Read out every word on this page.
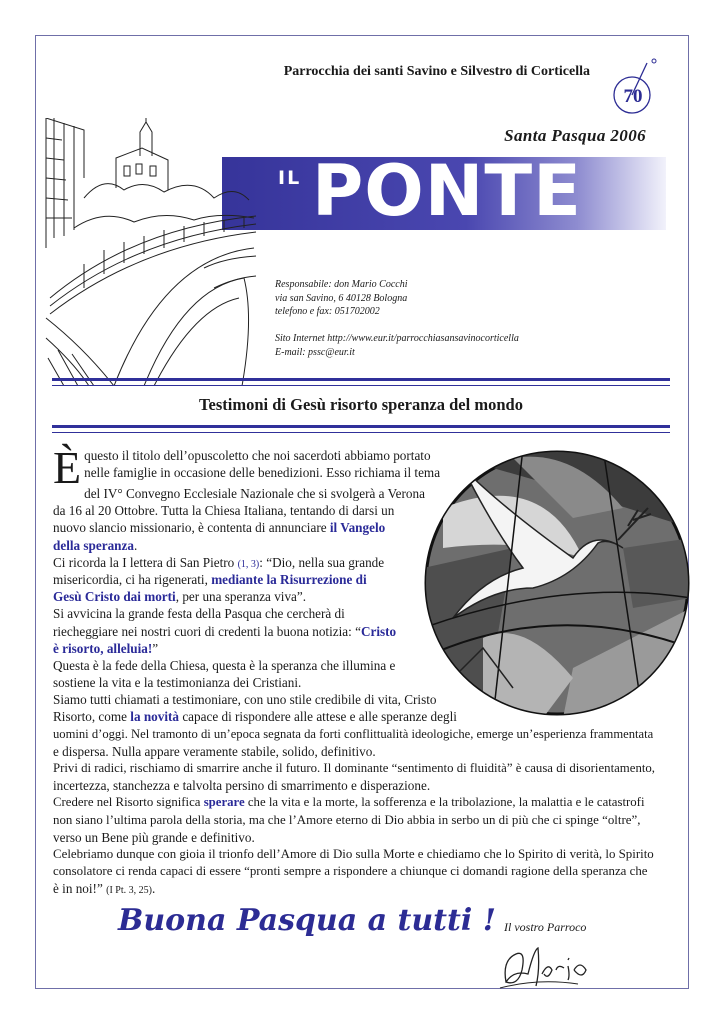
Parrocchia dei santi Savino e Silvestro di Corticella
70
Santa Pasqua 2006
IL PONTE
Responsabile: don Mario Cocchi
via san Savino, 6 40128 Bologna
telefono e fax: 051702002
Sito Internet http://www.eur.it/parrocchiasansavinocorticella
E-mail: pssc@eur.it
Testimoni di Gesù risorto speranza del mondo
È questo il titolo dell’opuscoletto che noi sacerdoti abbiamo portato
nelle famiglie in occasione delle benedizioni. Esso richiama il tema
del IV° Convegno Ecclesiale Nazionale che si svolgerà a Verona
da 16 al 20 Ottobre. Tutta la Chiesa Italiana, tentando di darsi un
nuovo slancio missionario, è contenta di annunciare il Vangelo
della speranza.
Ci ricorda la I lettera di San Pietro (1, 3): “Dio, nella sua grande
misericordia, ci ha rigenerati, mediante la Risurrezione di
Gesù Cristo dai morti, per una speranza viva”.
Si avvicina la grande festa della Pasqua che cercherà di
riecheggiare nei nostri cuori di credenti la buona notizia: “Cristo
è risorto, alleluia!”
Questa è la fede della Chiesa, questa è la speranza che illumina e
sostiene la vita e la testimonianza dei Cristiani.
Siamo tutti chiamati a testimoniare, con uno stile credibile di vita, Cristo
Risorto, come la novità capace di rispondere alle attese e alle speranze degli
uomini d’oggi. Nel tramonto di un’epoca segnata da forti conflittualità ideologiche, emerge un’esperienza frammentata
e dispersa. Nulla appare veramente stabile, solido, definitivo.
Privi di radici, rischiamo di smarrire anche il futuro. Il dominante “sentimento di fluidità” è causa di disorientamento,
incertezza, stanchezza e talvolta persino di smarrimento e disperazione.
Credere nel Risorto significa sperare che la vita e la morte, la sofferenza e la tribolazione, la malattia e le catastrofi
non siano l’ultima parola della storia, ma che l’Amore eterno di Dio abbia in serbo un di più che ci spinge “oltre”,
verso un Bene più grande e definitivo.
Celebriamo dunque con gioia il trionfo dell’Amore di Dio sulla Morte e chiediamo che lo Spirito di verità, lo Spirito
consolatore ci renda capaci di essere “pronti sempre a rispondere a chiunque ci domandi ragione della speranza che
è in noi!” (I Pt. 3, 25).
Buona Pasqua a tutti ! Il vostro Parroco
